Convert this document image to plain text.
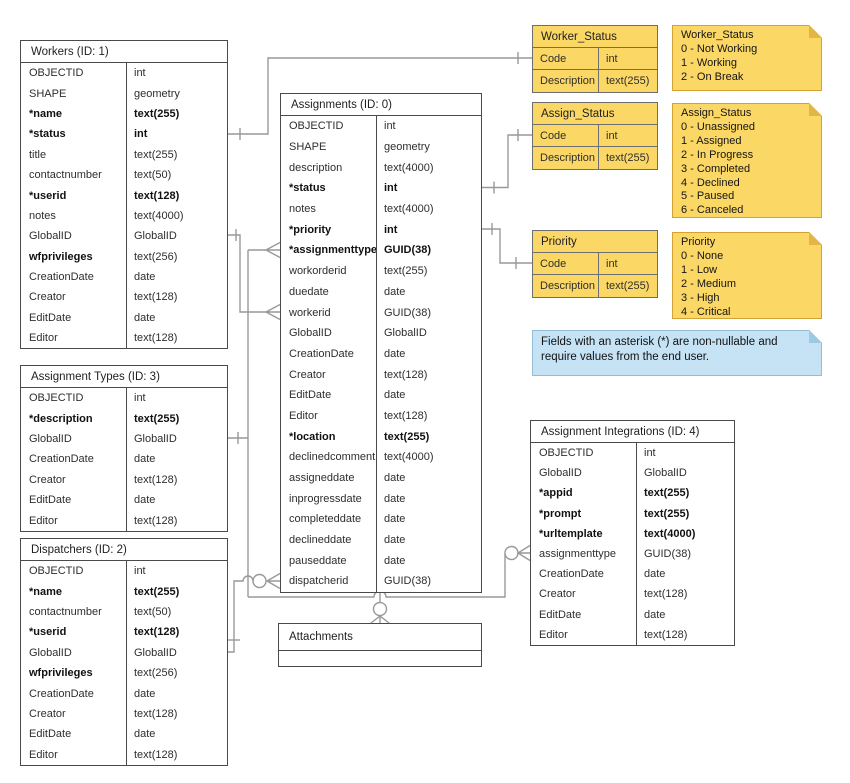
Workers (ID: 1)
OBJECTID	int
SHAPE	geometry
*name	text(255)
*status	int
title	text(255)
contactnumber	text(50)
*userid	text(128)
notes	text(4000)
GlobalID	GlobalID
wfprivileges	text(256)
CreationDate	date
Creator	text(128)
EditDate	date
Editor	text(128)
Assignment Types (ID: 3)
OBJECTID	int
*description	text(255)
GlobalID	GlobalID
CreationDate	date
Creator	text(128)
EditDate	date
Editor	text(128)
Dispatchers (ID: 2)
OBJECTID	int
*name	text(255)
contactnumber	text(50)
*userid	text(128)
GlobalID	GlobalID
wfprivileges	text(256)
CreationDate	date
Creator	text(128)
EditDate	date
Editor	text(128)
Assignments (ID: 0)
OBJECTID	int
SHAPE	geometry
description	text(4000)
*status	int
notes	text(4000)
*priority	int
*assignmenttype GUID(38)
workorderid	text(255)
duedate	date
workerid	GUID(38)
GlobalID	GlobalID
CreationDate	date
Creator	text(128)
EditDate	date
Editor	text(128)
*location	text(255)
declinedcomment text(4000)
assigneddate	date
inprogressdate	date
completeddate	date
declineddate	date
pauseddate	date
dispatcherid	GUID(38)
Assignment Integrations (ID: 4)
OBJECTID	int
GlobalID	GlobalID
*appid	text(255)
*prompt	text(255)
*urltemplate	text(4000)
assignmenttype	GUID(38)
CreationDate	date
Creator	text(128)
EditDate	date
Editor	text(128)
Worker_Status
Code	int
Description text(255)
Assign_Status
Code	int
Description text(255)
Priority
Code	int
Description text(255)
Attachments
Worker_Status
0 - Not Working
1 - Working
2 - On Break
Assign_Status
0 - Unassigned
1 - Assigned
2 - In Progress
3 - Completed
4 - Declined
5 - Paused
6 - Canceled
Priority
0 - None
1 - Low
2 - Medium
3 - High
4 - Critical
Fields with an asterisk (*) are non-nullable and require values from the end user.
